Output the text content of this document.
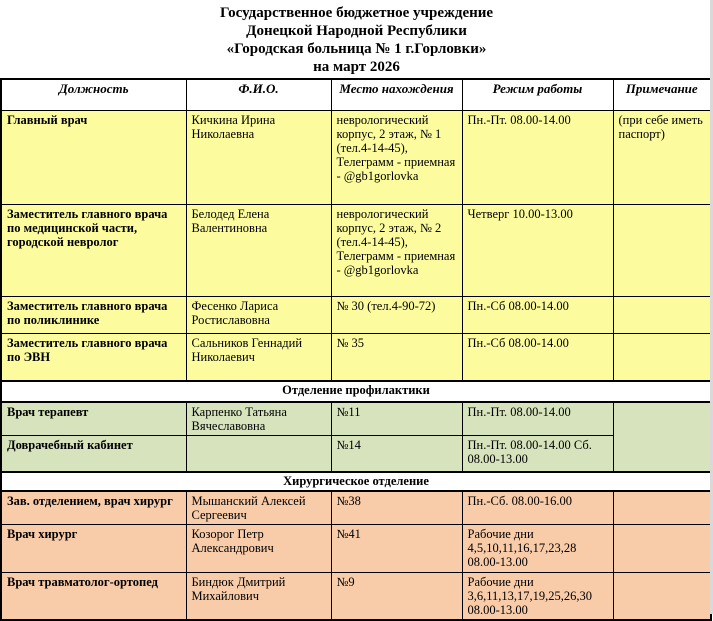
Государственное бюджетное учреждение
Донецкой Народной Республики
«Городская больница № 1 г.Горловки»
на март 2026
Должность	Ф.И.О.	Место нахождения	Режим работы	Примечание
Главный врач	Кичкина Ирина Николаевна	неврологический корпус, 2 этаж, № 1 (тел.4-14-45), Телеграмм - приемная - @gb1gorlovka	Пн.-Пт. 08.00-14.00	(при себе иметь паспорт)
Заместитель главного врача по медицинской части, городской невролог	Белодед Елена Валентиновна	неврологический корпус, 2 этаж, № 2 (тел.4-14-45), Телеграмм - приемная - @gb1gorlovka	Четверг 10.00-13.00	
Заместитель главного врача по поликлинике	Фесенко Лариса Ростиславовна	№ 30 (тел.4-90-72)	Пн.-Сб 08.00-14.00	
Заместитель главного врача по ЭВН	Сальников Геннадий Николаевич	№ 35	Пн.-Сб 08.00-14.00	
Отделение профилактики				
Врач терапевт	Карпенко Татьяна Вячеславовна	№11	Пн.-Пт. 08.00-14.00	
Доврачебный кабинет		№14	Пн.-Пт. 08.00-14.00 Сб. 08.00-13.00	
Хирургическое отделение				
Зав. отделением, врач хирург	Мышанский Алексей Сергеевич	№38	Пн.-Сб. 08.00-16.00	
Врач хирург	Козорог Петр Александрович	№41	Рабочие дни 4,5,10,11,16,17,23,28 08.00-13.00	
Врач травматолог-ортопед	Биндюк Дмитрий Михайлович	№9	Рабочие дни 3,6,11,13,17,19,25,26,30 08.00-13.00	
